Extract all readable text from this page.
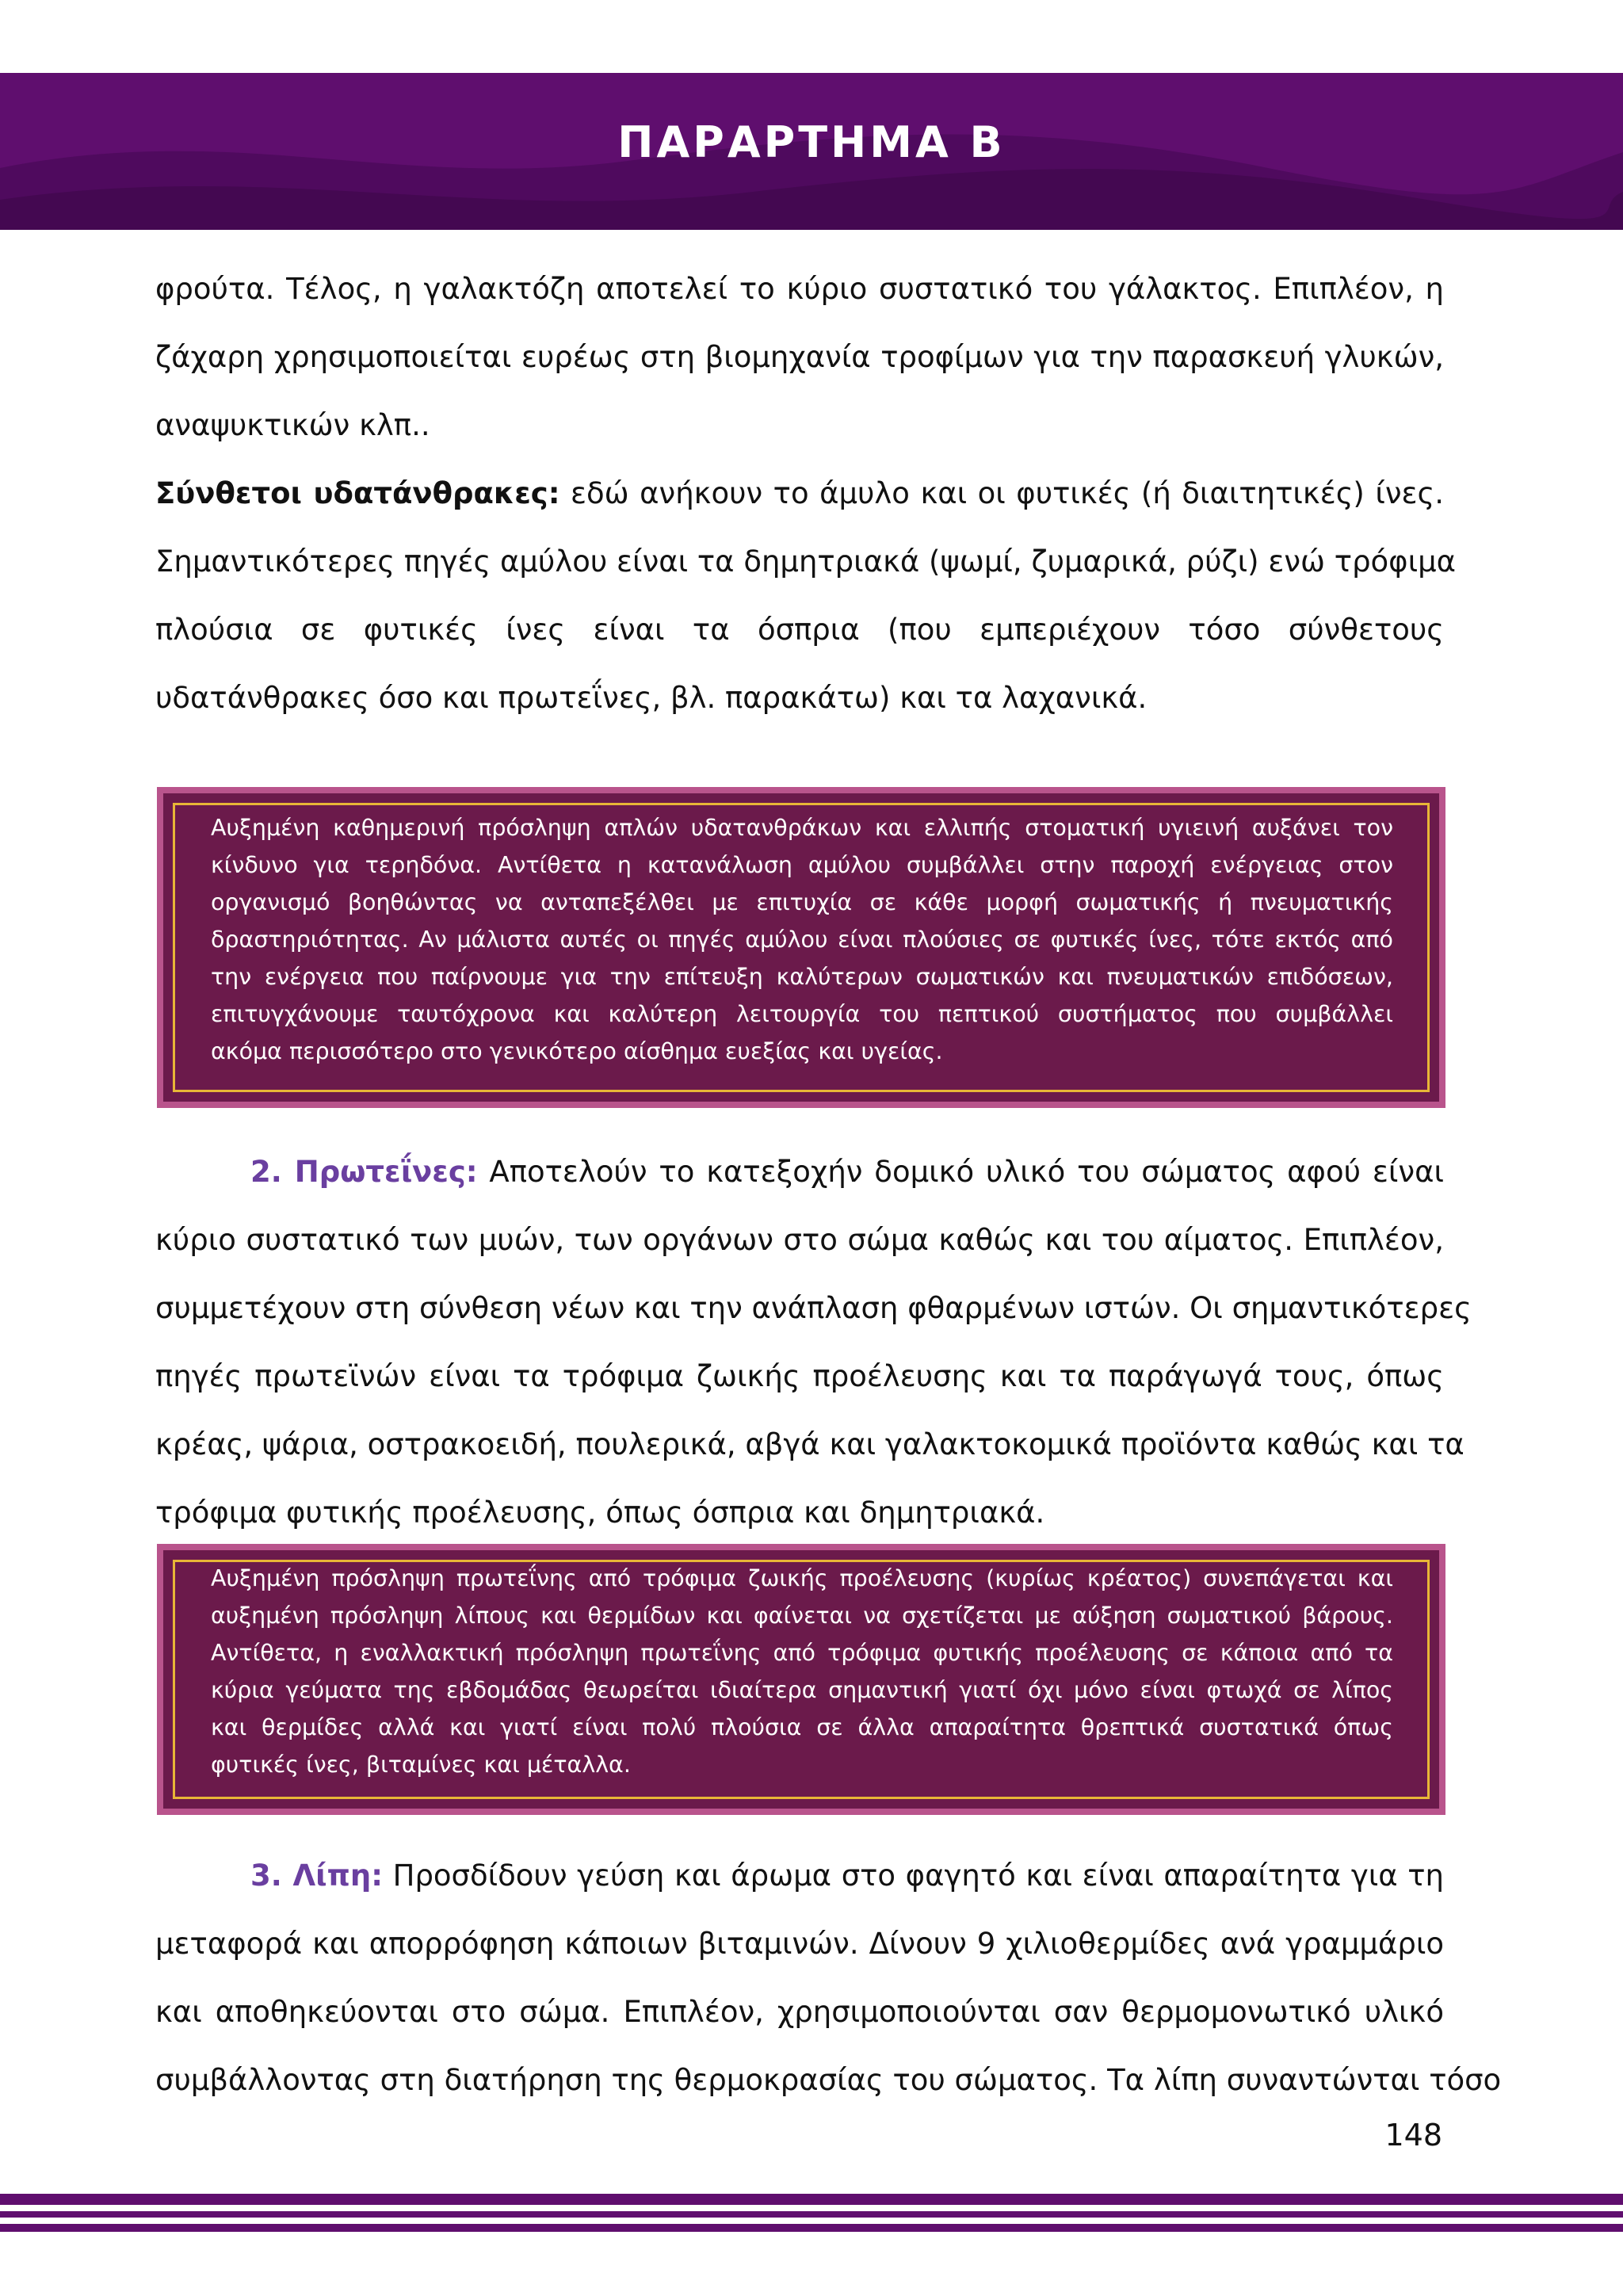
ΠΑΡΑΡΤΗΜΑ Β
φρούτα. Τέλος, η γαλακτόζη αποτελεί το κύριο συστατικό του γάλακτος. Επιπλέον, η
ζάχαρη χρησιμοποιείται ευρέως στη βιομηχανία τροφίμων για την παρασκευή γλυκών,
αναψυκτικών κλπ..
Σύνθετοι υδατάνθρακες: εδώ ανήκουν το άμυλο και οι φυτικές (ή διαιτητικές) ίνες.
Σημαντικότερες πηγές αμύλου είναι τα δημητριακά (ψωμί, ζυμαρικά, ρύζι) ενώ τρόφιμα
πλούσια σε φυτικές ίνες είναι τα όσπρια (που εμπεριέχουν τόσο σύνθετους
υδατάνθρακες όσο και πρωτεΐνες, βλ. παρακάτω) και τα λαχανικά.
Αυξημένη καθημερινή πρόσληψη απλών υδατανθράκων και ελλιπής στοματική υγιεινή αυξάνει τον
κίνδυνο για τερηδόνα. Αντίθετα η κατανάλωση αμύλου συμβάλλει στην παροχή ενέργειας στον
οργανισμό βοηθώντας να ανταπεξέλθει με επιτυχία σε κάθε μορφή σωματικής ή πνευματικής
δραστηριότητας. Αν μάλιστα αυτές οι πηγές αμύλου είναι πλούσιες σε φυτικές ίνες, τότε εκτός από
την ενέργεια που παίρνουμε για την επίτευξη καλύτερων σωματικών και πνευματικών επιδόσεων,
επιτυγχάνουμε ταυτόχρονα και καλύτερη λειτουργία του πεπτικού συστήματος που συμβάλλει
ακόμα περισσότερο στο γενικότερο αίσθημα ευεξίας και υγείας.
2. Πρωτεΐνες: Αποτελούν το κατεξοχήν δομικό υλικό του σώματος αφού είναι
κύριο συστατικό των μυών, των οργάνων στο σώμα καθώς και του αίματος. Επιπλέον,
συμμετέχουν στη σύνθεση νέων και την ανάπλαση φθαρμένων ιστών. Οι σημαντικότερες
πηγές πρωτεϊνών είναι τα τρόφιμα ζωικής προέλευσης και τα παράγωγά τους, όπως
κρέας, ψάρια, οστρακοειδή, πουλερικά, αβγά και γαλακτοκομικά προϊόντα καθώς και τα
τρόφιμα φυτικής προέλευσης, όπως όσπρια και δημητριακά.
Αυξημένη πρόσληψη πρωτεΐνης από τρόφιμα ζωικής προέλευσης (κυρίως κρέατος) συνεπάγεται και
αυξημένη πρόσληψη λίπους και θερμίδων και φαίνεται να σχετίζεται με αύξηση σωματικού βάρους.
Αντίθετα, η εναλλακτική πρόσληψη πρωτεΐνης από τρόφιμα φυτικής προέλευσης σε κάποια από τα
κύρια γεύματα της εβδομάδας θεωρείται ιδιαίτερα σημαντική γιατί όχι μόνο είναι φτωχά σε λίπος
και θερμίδες αλλά και γιατί είναι πολύ πλούσια σε άλλα απαραίτητα θρεπτικά συστατικά όπως
φυτικές ίνες, βιταμίνες και μέταλλα.
3. Λίπη: Προσδίδουν γεύση και άρωμα στο φαγητό και είναι απαραίτητα για τη
μεταφορά και απορρόφηση κάποιων βιταμινών. Δίνουν 9 χιλιοθερμίδες ανά γραμμάριο
και αποθηκεύονται στο σώμα. Επιπλέον, χρησιμοποιούνται σαν θερμομονωτικό υλικό
συμβάλλοντας στη διατήρηση της θερμοκρασίας του σώματος. Τα λίπη συναντώνται τόσο
148
